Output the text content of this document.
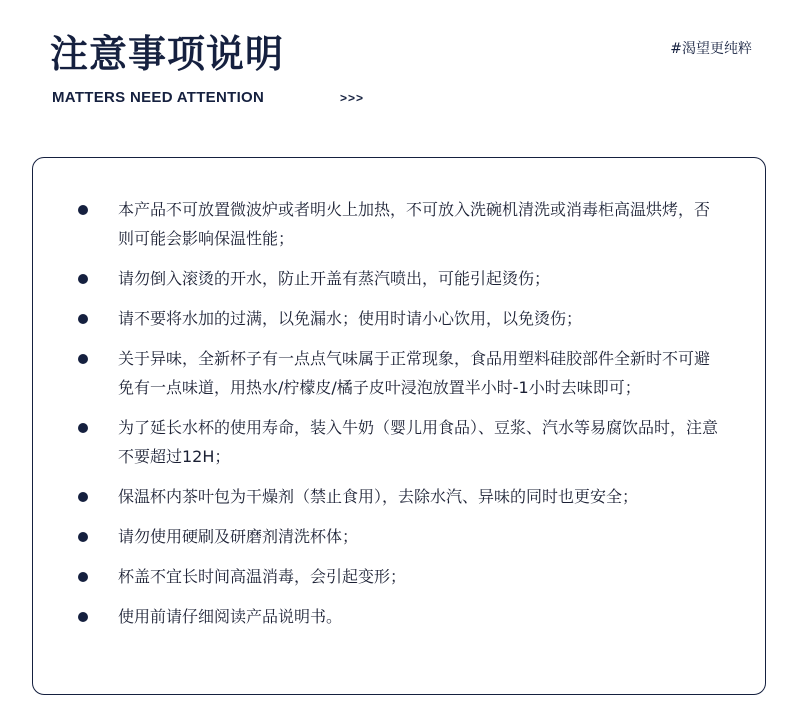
注意事项说明
MATTERS NEED ATTENTION	>>>
#渴望更纯粹
本产品不可放置微波炉或者明火上加热，不可放入洗碗机清洗或消毒柜高温烘烤，否则可能会影响保温性能；
请勿倒入滚烫的开水，防止开盖有蒸汽喷出，可能引起烫伤；
请不要将水加的过满，以免漏水；使用时请小心饮用，以免烫伤；
关于异味，全新杯子有一点点气味属于正常现象，食品用塑料硅胶部件全新时不可避免有一点味道，用热水/柠檬皮/橘子皮叶浸泡放置半小时-1小时去味即可；
为了延长水杯的使用寿命，装入牛奶（婴儿用食品）、豆浆、汽水等易腐饮品时，注意不要超过12H；
保温杯内茶叶包为干燥剂（禁止食用），去除水汽、异味的同时也更安全；
请勿使用硬刷及研磨剂清洗杯体；
杯盖不宜长时间高温消毒，会引起变形；
使用前请仔细阅读产品说明书。
